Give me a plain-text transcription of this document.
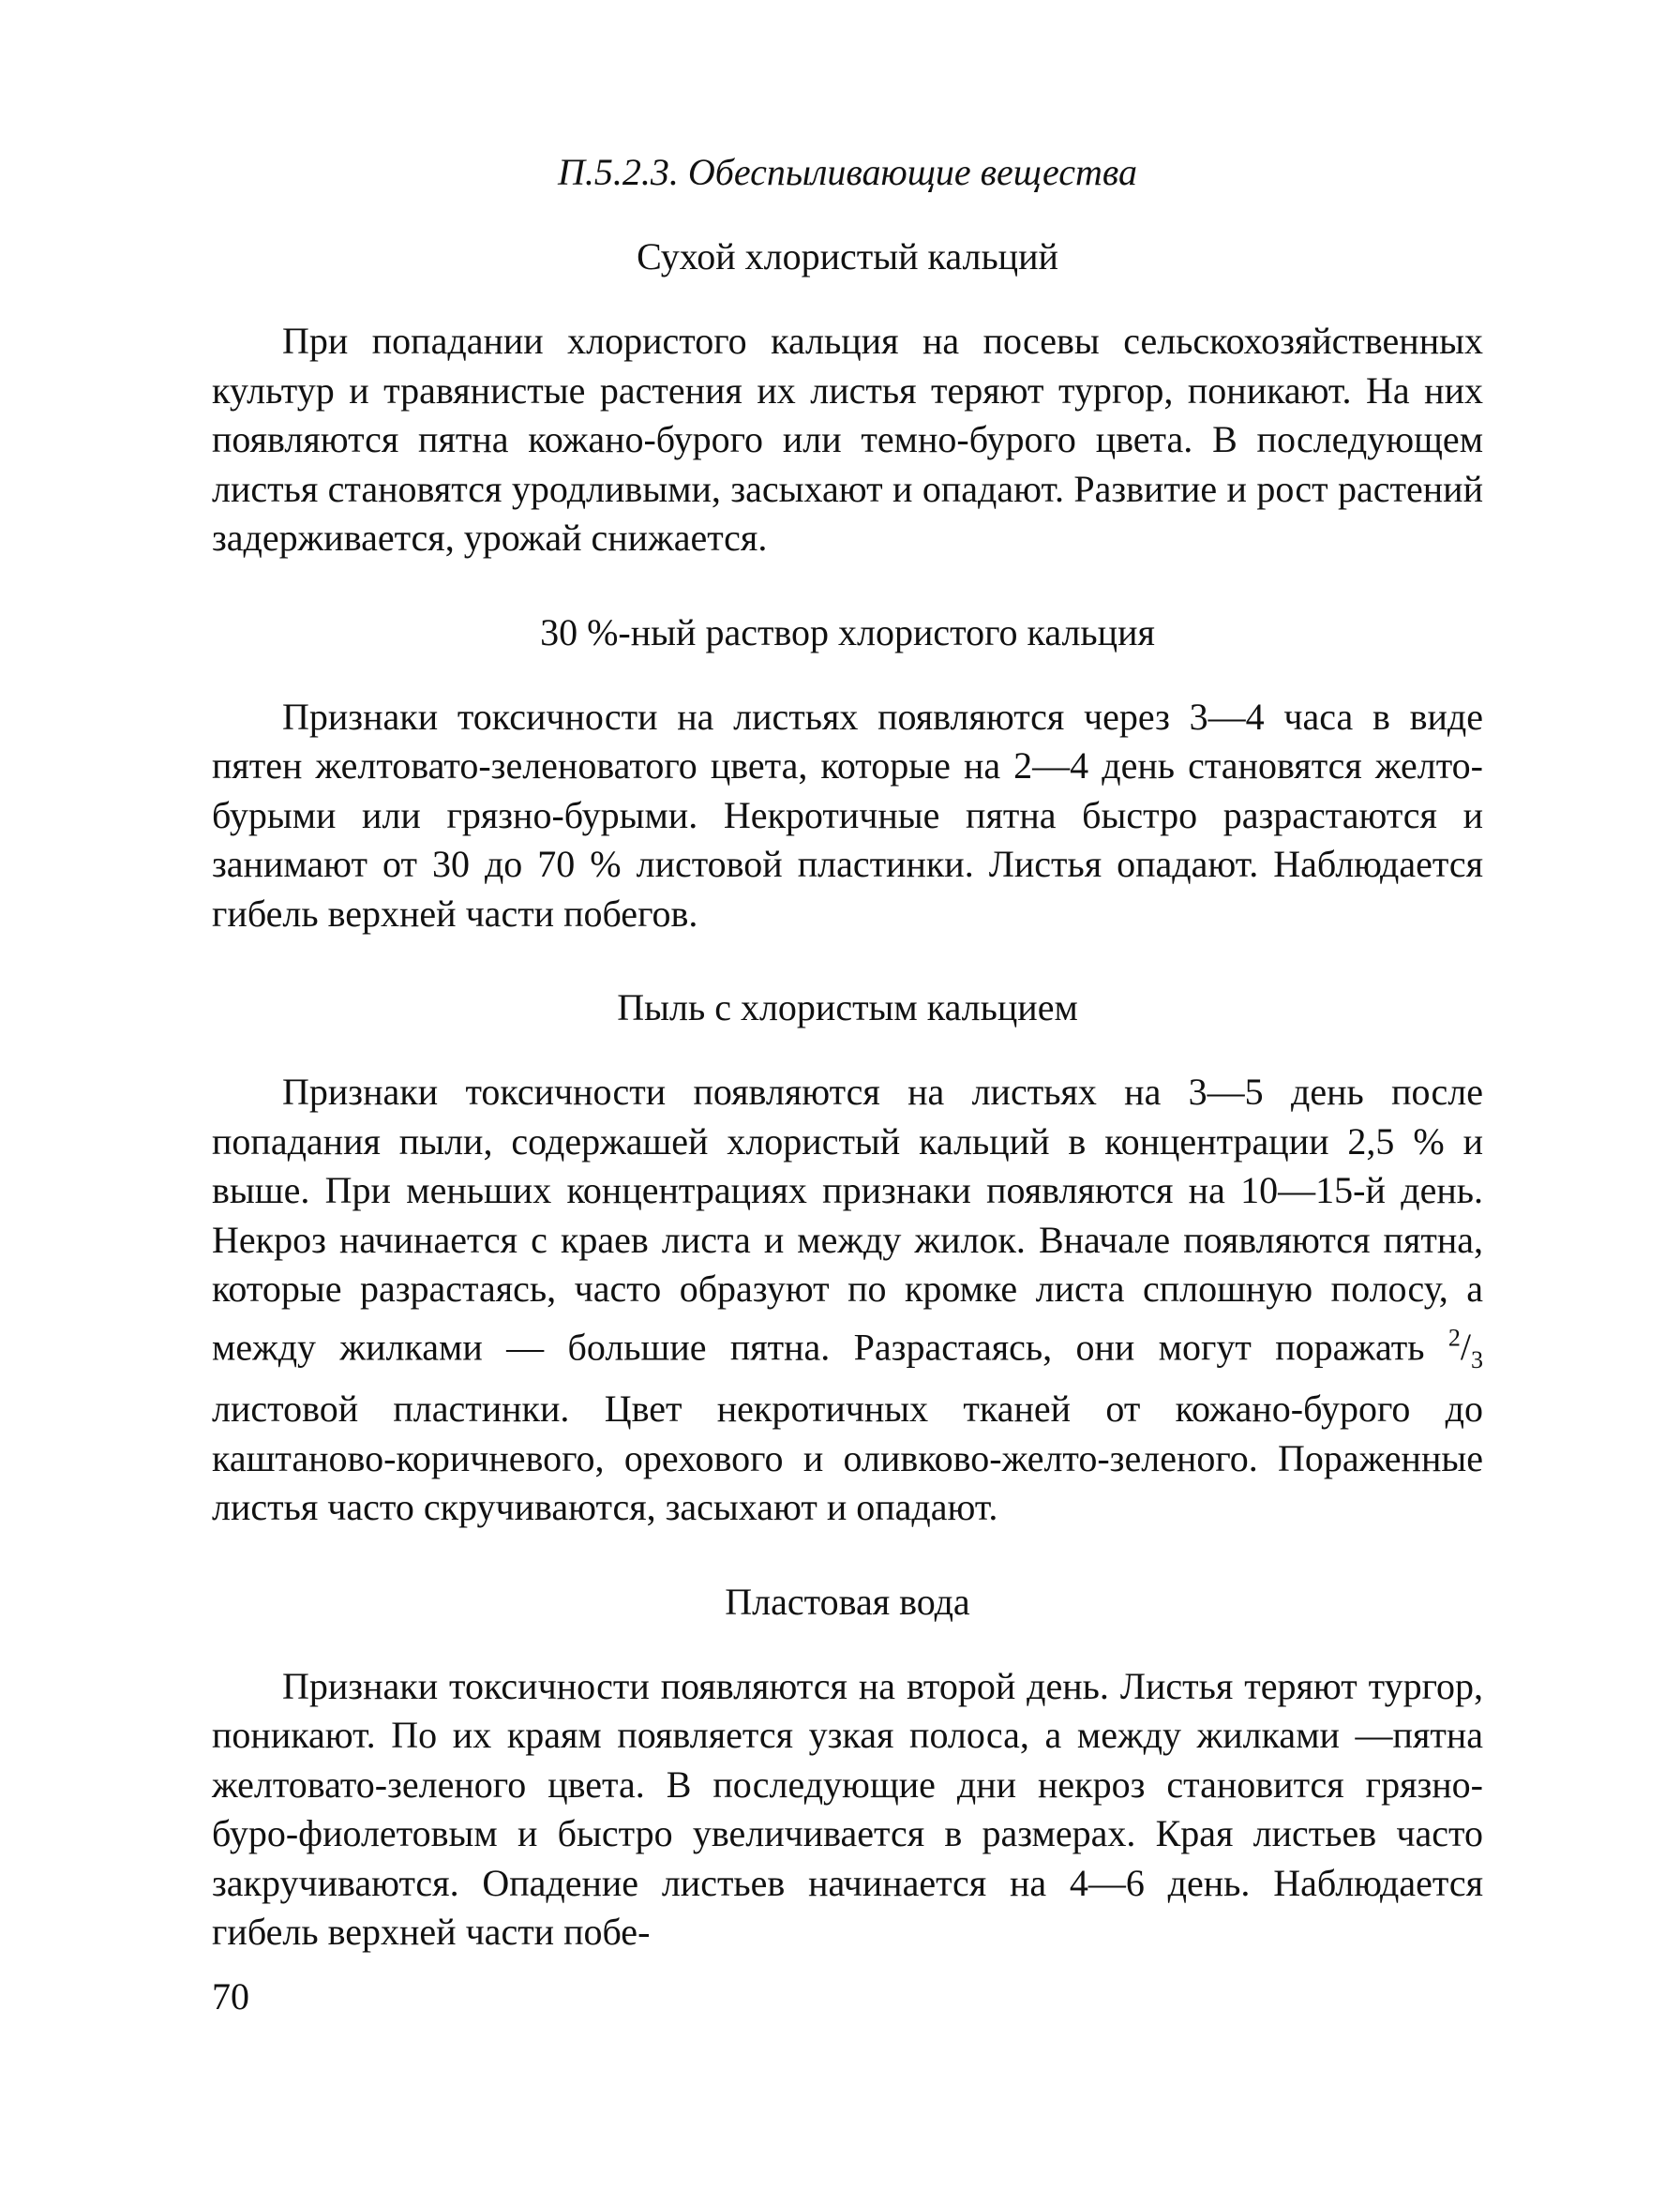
П.5.2.3. Обеспыливающие вещества
Сухой хлористый кальций

При попадании хлористого кальция на посевы сельскохозяйственных культур и травянистые растения их листья теряют тургор, поникают. На них появляются пятна кожано-бурого или темно-бурого цвета. В последующем листья становятся уродливыми, засыхают и опадают. Развитие и рост растений задерживается, урожай снижается.

30 %-ный раствор хлористого кальция

Признаки токсичности на листьях появляются через 3—4 часа в виде пятен желтовато-зеленоватого цвета, которые на 2—4 день становятся желто-бурыми или грязно-бурыми. Некротичные пятна быстро разрастаются и занимают от 30 до 70 % листовой пластинки. Листья опадают. Наблюдается гибель верхней части побегов.

Пыль с хлористым кальцием

Признаки токсичности появляются на листьях на 3—5 день после попадания пыли, содержашей хлористый кальций в концентрации 2,5 % и выше. При меньших концентрациях признаки появляются на 10—15-й день. Некроз начинается с краев листа и между жилок. Вначале появляются пятна, которые разрастаясь, часто образуют по кромке листа сплошную полосу, а между жилками — большие пятна. Разрастаясь, они могут поражать $^2/_3$ листовой пластинки. Цвет некротичных тканей от кожано-бурого до каштаново-коричневого, орехового и оливково-желто-зеленого. Пораженные листья часто скручиваются, засыхают и опадают.

Пластовая вода

Признаки токсичности появляются на второй день. Листья теряют тургор, поникают. По их краям появляется узкая полоса, а между жилками —пятна желтовато-зеленого цвета. В последующие дни некроз становится грязно-буро-фиолетовым и быстро увеличивается в размерах. Края листьев часто закручиваются. Опадение листьев начинается на 4—6 день. Наблюдается гибель верхней части побе-

70
